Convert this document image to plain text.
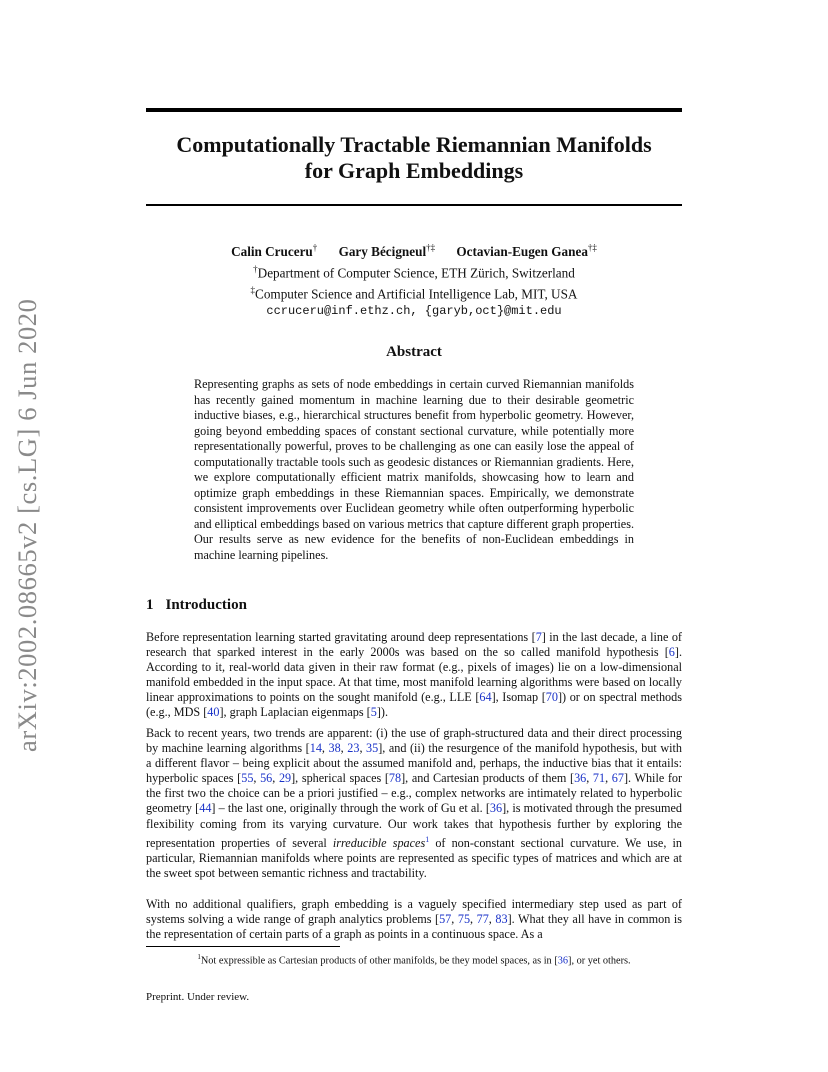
arXiv:2002.08665v2 [cs.LG] 6 Jun 2020
Computationally Tractable Riemannian Manifolds
for Graph Embeddings
Calin Cruceru† Gary Bécigneul†‡ Octavian-Eugen Ganea†‡
†Department of Computer Science, ETH Zürich, Switzerland
‡Computer Science and Artificial Intelligence Lab, MIT, USA
ccruceru@inf.ethz.ch, {garyb,oct}@mit.edu
Abstract

Representing graphs as sets of node embeddings in certain curved Riemannian manifolds has recently gained momentum in machine learning due to their desirable geometric inductive biases, e.g., hierarchical structures benefit from hyperbolic geometry. However, going beyond embedding spaces of constant sectional curvature, while potentially more representationally powerful, proves to be challenging as one can easily lose the appeal of computationally tractable tools such as geodesic distances or Riemannian gradients. Here, we explore computationally efficient matrix manifolds, showcasing how to learn and optimize graph embeddings in these Riemannian spaces. Empirically, we demonstrate consistent improvements over Euclidean geometry while often outperforming hyperbolic and elliptical embeddings based on various metrics that capture different graph properties. Our results serve as new evidence for the benefits of non-Euclidean embeddings in machine learning pipelines.

1 Introduction

Before representation learning started gravitating around deep representations [7] in the last decade, a line of research that sparked interest in the early 2000s was based on the so called manifold hypothesis [6]. According to it, real-world data given in their raw format (e.g., pixels of images) lie on a low-dimensional manifold embedded in the input space. At that time, most manifold learning algorithms were based on locally linear approximations to points on the sought manifold (e.g., LLE [64], Isomap [70]) or on spectral methods (e.g., MDS [40], graph Laplacian eigenmaps [5]).

Back to recent years, two trends are apparent: (i) the use of graph-structured data and their direct processing by machine learning algorithms [14, 38, 23, 35], and (ii) the resurgence of the manifold hypothesis, but with a different flavor – being explicit about the assumed manifold and, perhaps, the inductive bias that it entails: hyperbolic spaces [55, 56, 29], spherical spaces [78], and Cartesian products of them [36, 71, 67]. While for the first two the choice can be a priori justified – e.g., complex networks are intimately related to hyperbolic geometry [44] – the last one, originally through the work of Gu et al. [36], is motivated through the presumed flexibility coming from its varying curvature. Our work takes that hypothesis further by exploring the representation properties of several irreducible spaces$^1$ of non-constant sectional curvature. We use, in particular, Riemannian manifolds where points are represented as specific types of matrices and which are at the sweet spot between semantic richness and tractability.

With no additional qualifiers, graph embedding is a vaguely specified intermediary step used as part of systems solving a wide range of graph analytics problems [57, 75, 77, 83]. What they all have in common is the representation of certain parts of a graph as points in a continuous space. As a

$^1$Not expressible as Cartesian products of other manifolds, be they model spaces, as in [36], or yet others.

Preprint. Under review.
